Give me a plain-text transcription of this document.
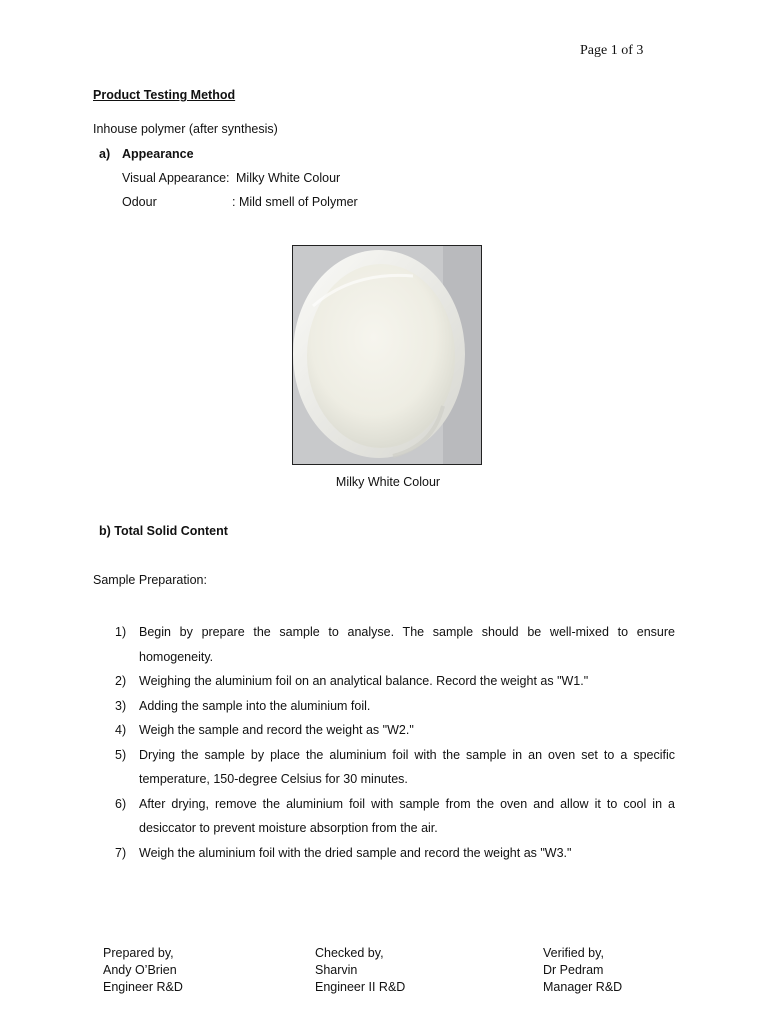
Page 1 of 3
Product Testing Method
Inhouse polymer (after synthesis)
a) Appearance
Visual Appearance: Milky White Colour
Odour	: Mild smell of Polymer
Milky White Colour
b) Total Solid Content
Sample Preparation:
1) Begin by prepare the sample to analyse. The sample should be well-mixed to ensure homogeneity.
2) Weighing the aluminium foil on an analytical balance. Record the weight as "W1."
3) Adding the sample into the aluminium foil.
4) Weigh the sample and record the weight as "W2."
5) Drying the sample by place the aluminium foil with the sample in an oven set to a specific temperature, 150-degree Celsius for 30 minutes.
6) After drying, remove the aluminium foil with sample from the oven and allow it to cool in a desiccator to prevent moisture absorption from the air.
7) Weigh the aluminium foil with the dried sample and record the weight as "W3."
Prepared by,
Andy O’Brien
Engineer R&D
Checked by,
Sharvin
Engineer II R&D
Verified by,
Dr Pedram
Manager R&D
